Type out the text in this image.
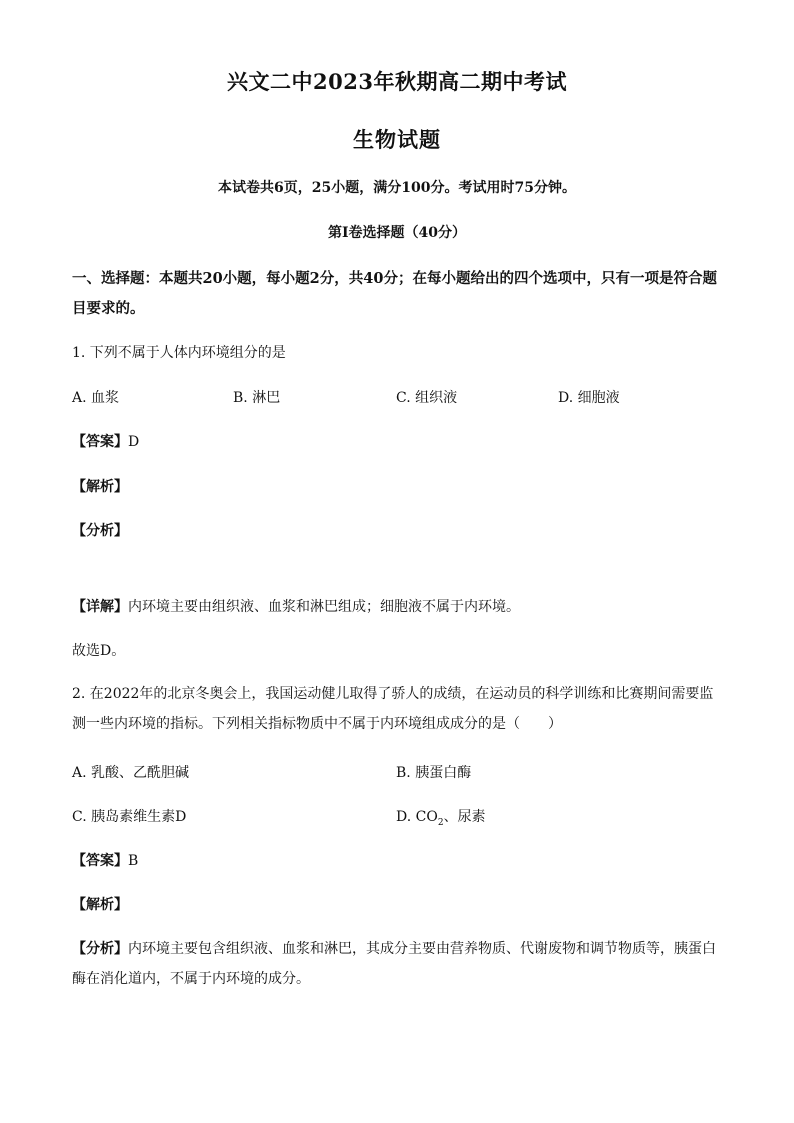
兴文二中2023年秋期高二期中考试
生物试题
本试卷共6页，25小题，满分100分。考试用时75分钟。
第I卷选择题（40分）
一、选择题：本题共20小题，每小题2分，共40分；在每小题给出的四个选项中，只有一项是符合题目要求的。
1. 下列不属于人体内环境组分的是
A. 血浆	B. 淋巴	C. 组织液	D. 细胞液
【答案】D
【解析】
【分析】
【详解】内环境主要由组织液、血浆和淋巴组成；细胞液不属于内环境。
故选D。
2. 在2022年的北京冬奥会上，我国运动健儿取得了骄人的成绩，在运动员的科学训练和比赛期间需要监测一些内环境的指标。下列相关指标物质中不属于内环境组成成分的是（　　）
A. 乳酸、乙酰胆碱	B. 胰蛋白酶
C. 胰岛素维生素D	D. $CO_2$、尿素
【答案】B
【解析】
【分析】内环境主要包含组织液、血浆和淋巴，其成分主要由营养物质、代谢废物和调节物质等，胰蛋白酶在消化道内，不属于内环境的成分。
